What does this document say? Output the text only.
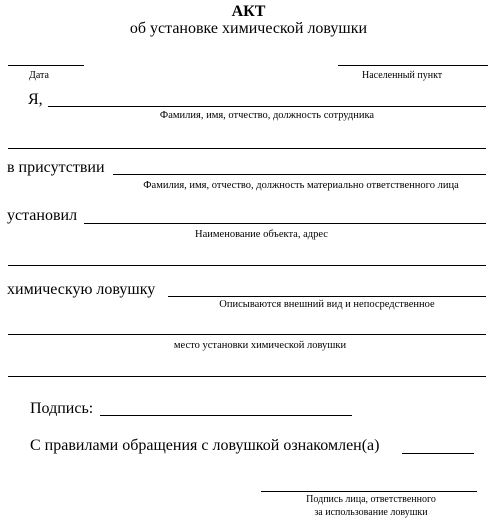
АКТ
об установке химической ловушки
Дата	Населенный пункт
Я,
Фамилия, имя, отчество, должность сотрудника
в присутствии
Фамилия, имя, отчество, должность материально ответственного лица
установил
Наименование объекта, адрес
химическую ловушку
Описываются внешний вид и непосредственное
место установки химической ловушки
Подпись:
С правилами обращения с ловушкой ознакомлен(а)
Подпись лица, ответственного
за использование ловушки
